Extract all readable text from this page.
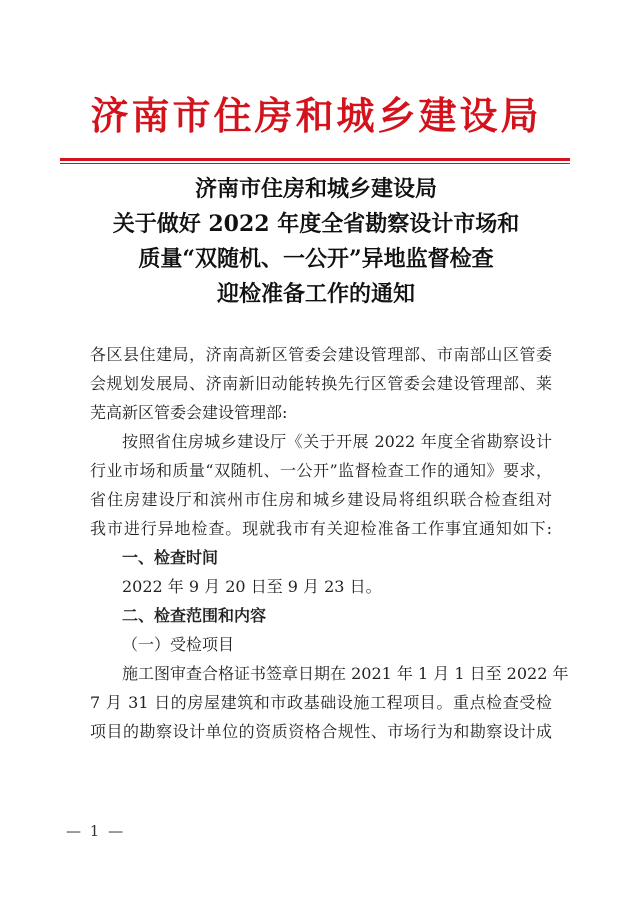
济南市住房和城乡建设局
济南市住房和城乡建设局
关于做好 2022 年度全省勘察设计市场和
质量“双随机、一公开”异地监督检查
迎检准备工作的通知
各区县住建局，济南高新区管委会建设管理部、市南部山区管委
会规划发展局、济南新旧动能转换先行区管委会建设管理部、莱
芜高新区管委会建设管理部:
按照省住房城乡建设厅《关于开展 2022 年度全省勘察设计
行业市场和质量“双随机、一公开”监督检查工作的通知》要求，
省住房建设厅和滨州市住房和城乡建设局将组织联合检查组对
我市进行异地检查。现就我市有关迎检准备工作事宜通知如下:
一、检查时间
2022 年 9 月 20 日至 9 月 23 日。
二、检查范围和内容
（一）受检项目
施工图审查合格证书签章日期在 2021 年 1 月 1 日至 2022 年
7 月 31 日的房屋建筑和市政基础设施工程项目。重点检查受检
项目的勘察设计单位的资质资格合规性、市场行为和勘察设计成
— 1 —
